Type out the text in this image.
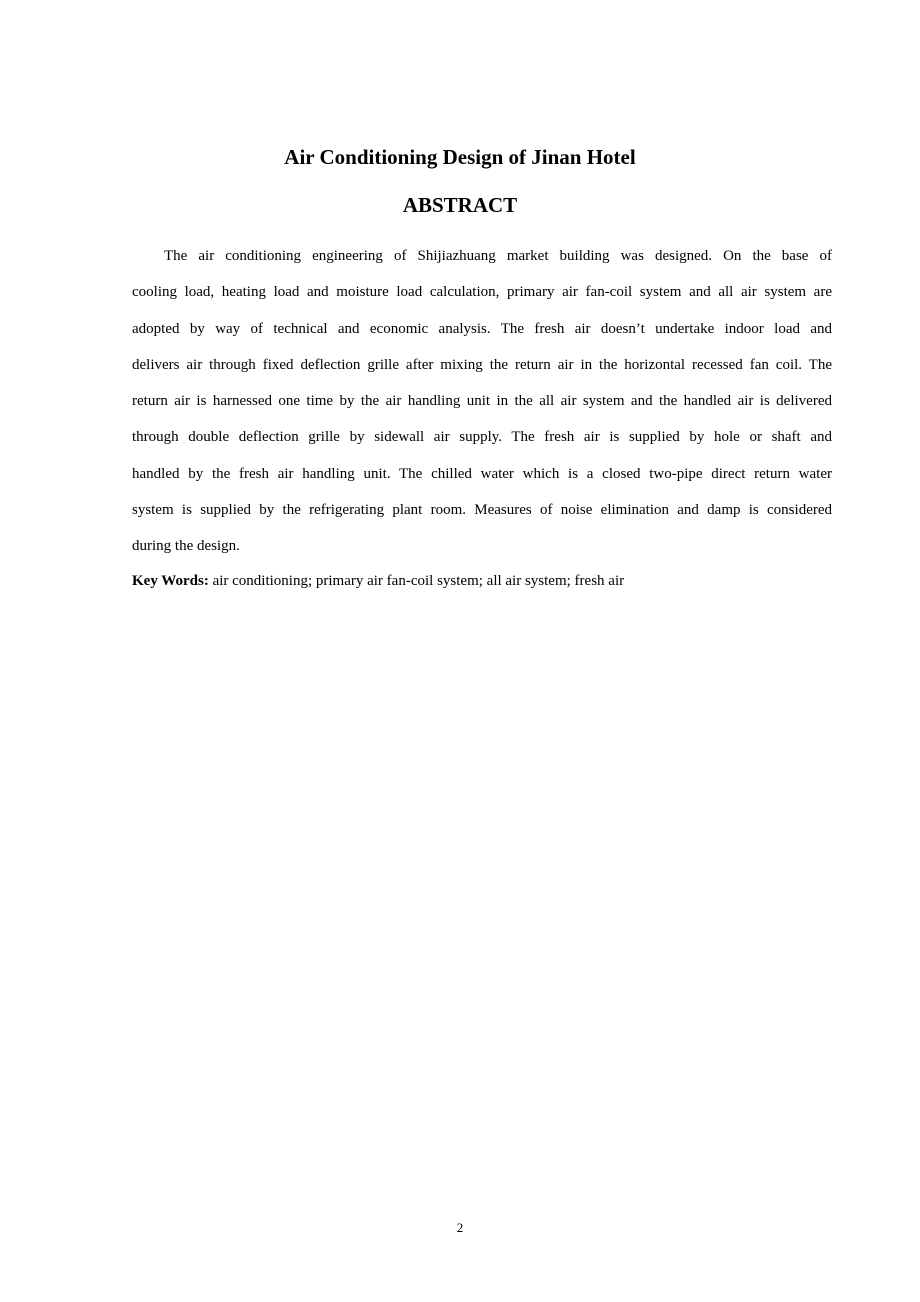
Air Conditioning Design of Jinan Hotel
ABSTRACT
The air conditioning engineering of Shijiazhuang market building was designed. On the base of
cooling load, heating load and moisture load calculation, primary air fan-coil system and all air system are
adopted by way of technical and economic analysis. The fresh air doesn’t undertake indoor load and
delivers air through fixed deflection grille after mixing the return air in the horizontal recessed fan coil. The
return air is harnessed one time by the air handling unit in the all air system and the handled air is delivered
through double deflection grille by sidewall air supply. The fresh air is supplied by hole or shaft and
handled by the fresh air handling unit. The chilled water which is a closed two-pipe direct return water
system is supplied by the refrigerating plant room. Measures of noise elimination and damp is considered
during the design.

Key Words: air conditioning; primary air fan-coil system; all air system; fresh air

2
